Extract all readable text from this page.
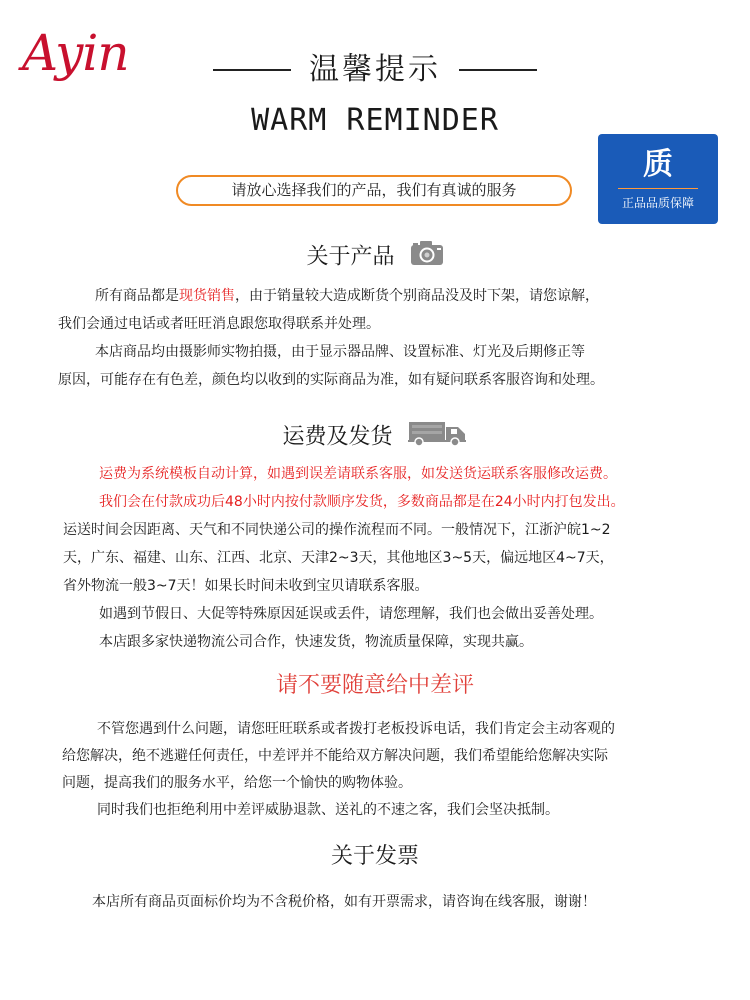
Ayin	温馨提示
WARM REMINDER
质
正品品质保障
请放心选择我们的产品，我们有真诚的服务
关于产品
所有商品都是现货销售，由于销量较大造成断货个别商品没及时下架，请您谅解，
我们会通过电话或者旺旺消息跟您取得联系并处理。
本店商品均由摄影师实物拍摄，由于显示器品牌、设置标准、灯光及后期修正等
原因，可能存在有色差，颜色均以收到的实际商品为准，如有疑问联系客服咨询和处理。
运费及发货
运费为系统模板自动计算，如遇到误差请联系客服，如发送货运联系客服修改运费。
我们会在付款成功后48小时内按付款顺序发货，多数商品都是在24小时内打包发出。
运送时间会因距离、天气和不同快递公司的操作流程而不同。一般情况下，江浙沪皖1~2
天，广东、福建、山东、江西、北京、天津2~3天，其他地区3~5天，偏远地区4~7天，
省外物流一般3~7天！如果长时间未收到宝贝请联系客服。
如遇到节假日、大促等特殊原因延误或丢件，请您理解，我们也会做出妥善处理。
本店跟多家快递物流公司合作，快速发货，物流质量保障，实现共赢。
请不要随意给中差评
不管您遇到什么问题，请您旺旺联系或者拨打老板投诉电话，我们肯定会主动客观的
给您解决，绝不逃避任何责任，中差评并不能给双方解决问题，我们希望能给您解决实际
问题，提高我们的服务水平，给您一个愉快的购物体验。
同时我们也拒绝利用中差评威胁退款、送礼的不速之客，我们会坚决抵制。
关于发票
本店所有商品页面标价均为不含税价格，如有开票需求，请咨询在线客服，谢谢！
